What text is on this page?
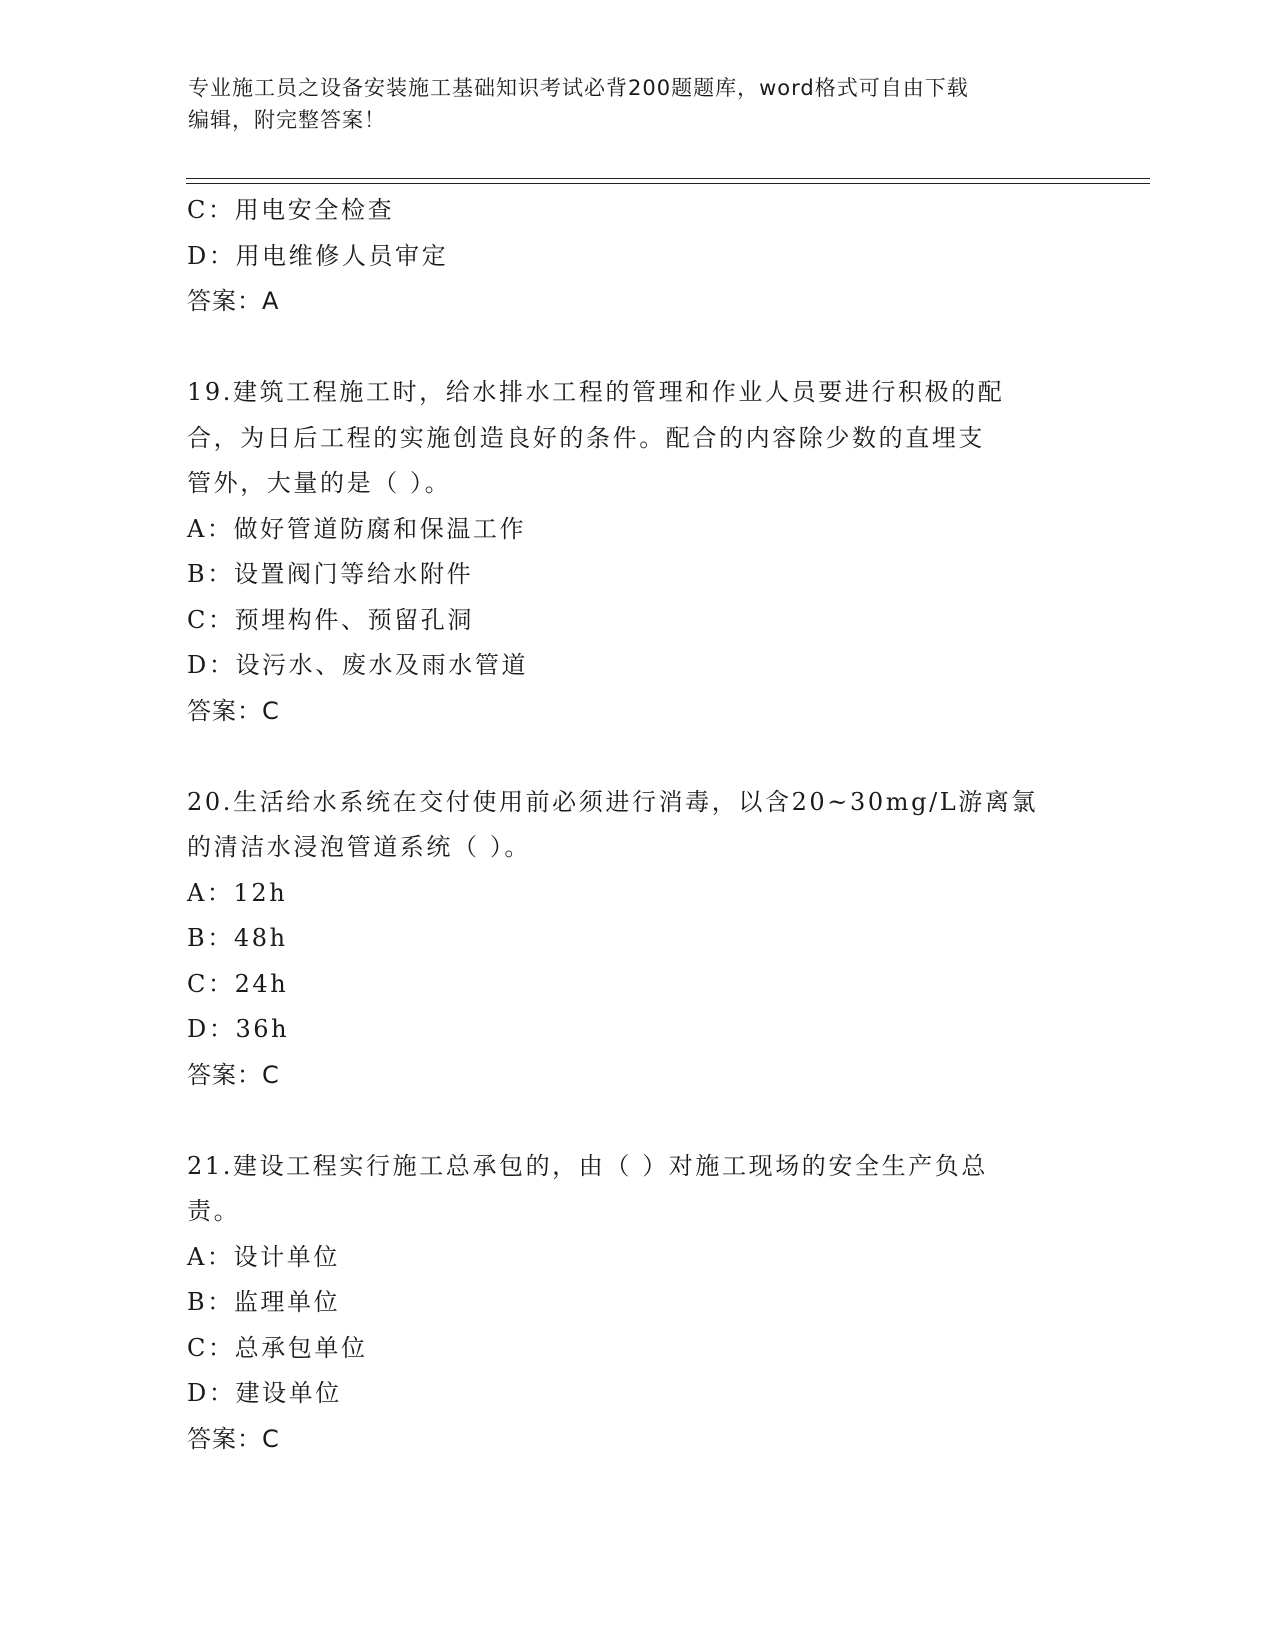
专业施工员之设备安装施工基础知识考试必背200题题库，word格式可自由下载
编辑，附完整答案！
C：用电安全检查
D：用电维修人员审定
答案：A
19.建筑工程施工时，给水排水工程的管理和作业人员要进行积极的配
合，为日后工程的实施创造良好的条件。配合的内容除少数的直埋支
管外，大量的是（ ）。
A：做好管道防腐和保温工作
B：设置阀门等给水附件
C：预埋构件、预留孔洞
D：设污水、废水及雨水管道
答案：C
20.生活给水系统在交付使用前必须进行消毒，以含20~30mg/L游离氯
的清洁水浸泡管道系统（ ）。
A：12h
B：48h
C：24h
D：36h
答案：C
21.建设工程实行施工总承包的，由（ ）对施工现场的安全生产负总
责。
A：设计单位
B：监理单位
C：总承包单位
D：建设单位
答案：C
